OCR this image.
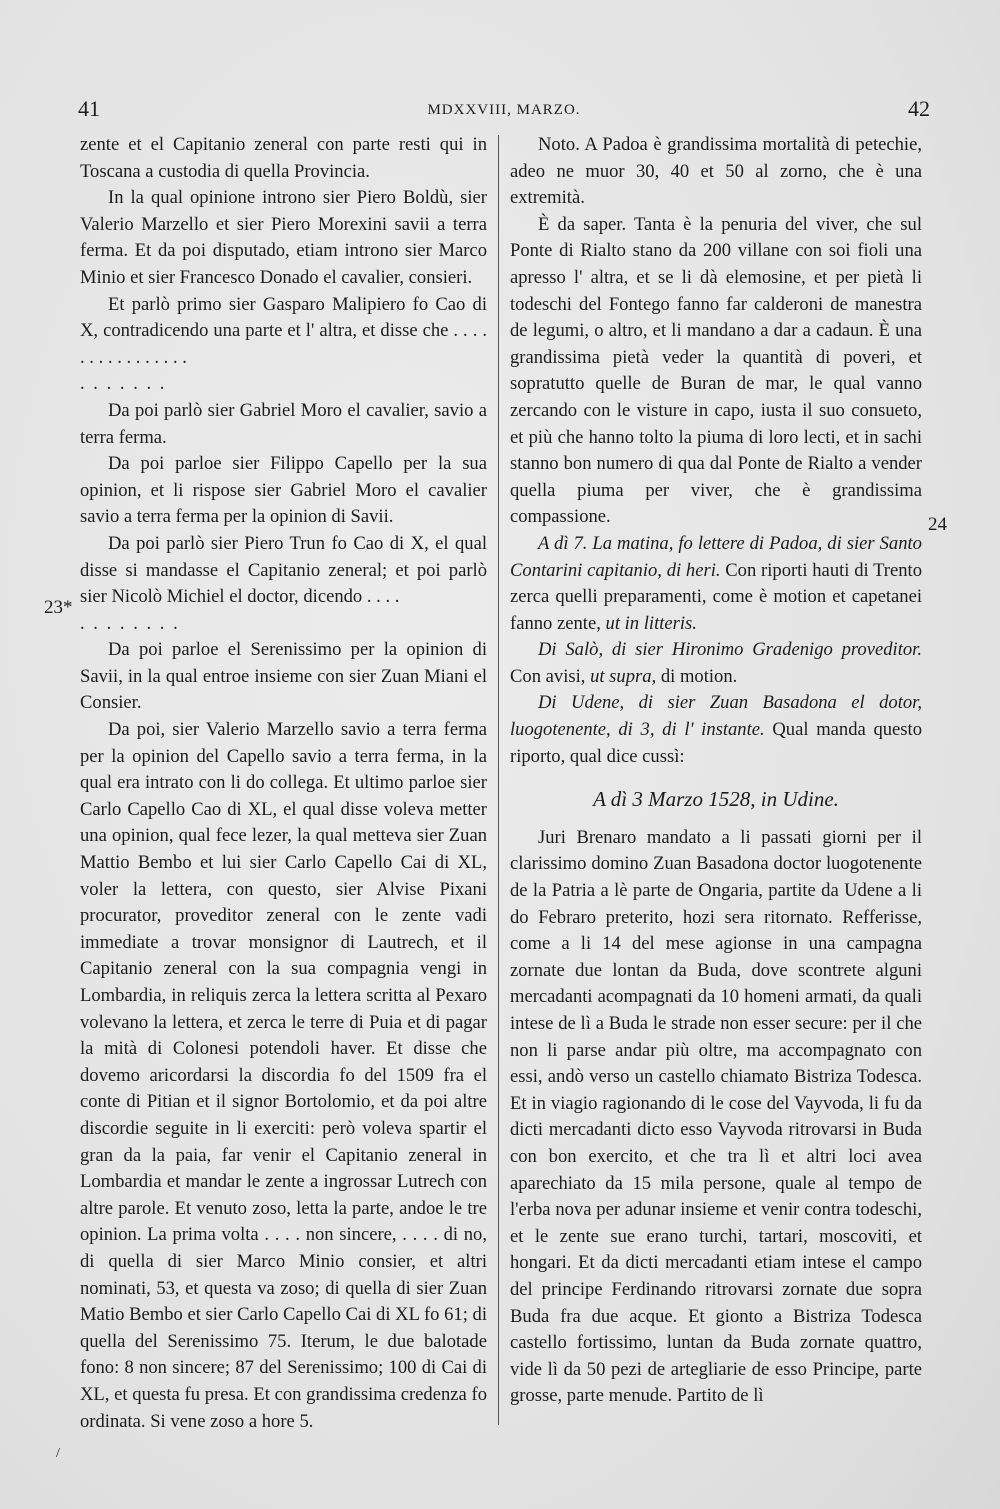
41	MDXXVIII, MARZO.	42
23*
24

zente et el Capitanio zeneral con parte resti qui in Toscana a custodia di quella Provincia.

In la qual opinione introno sier Piero Boldù, sier Valerio Marzello et sier Piero Morexini savii a terra ferma. Et da poi disputado, etiam introno sier Marco Minio et sier Francesco Donado el cavalier, consieri.

Et parlò primo sier Gasparo Malipiero fo Cao di X, contradicendo una parte et l' altra, et disse che . . . . . . . . . . . . . . . .

. . . . . . .

Da poi parlò sier Gabriel Moro el cavalier, savio a terra ferma.

Da poi parloe sier Filippo Capello per la sua opinion, et li rispose sier Gabriel Moro el cavalier savio a terra ferma per la opinion di Savii.

Da poi parlò sier Piero Trun fo Cao di X, el qual disse si mandasse el Capitanio zeneral; et poi parlò sier Nicolò Michiel el doctor, dicendo . . . .

. . . . . . . .

Da poi parloe el Serenissimo per la opinion di Savii, in la qual entroe insieme con sier Zuan Miani el Consier.

Da poi, sier Valerio Marzello savio a terra ferma per la opinion del Capello savio a terra ferma, in la qual era intrato con li do collega. Et ultimo parloe sier Carlo Capello Cao di XL, el qual disse voleva metter una opinion, qual fece lezer, la qual metteva sier Zuan Mattio Bembo et lui sier Carlo Capello Cai di XL, voler la lettera, con questo, sier Alvise Pixani procurator, proveditor zeneral con le zente vadi immediate a trovar monsignor di Lautrech, et il Capitanio zeneral con la sua compagnia vengi in Lombardia, in reliquis zerca la lettera scritta al Pexaro volevano la lettera, et zerca le terre di Puia et di pagar la mità di Colonesi potendoli haver. Et disse che dovemo aricordarsi la discordia fo del 1509 fra el conte di Pitian et il signor Bortolomio, et da poi altre discordie seguite in li exerciti: però voleva spartir el gran da la paia, far venir el Capitanio zeneral in Lombardia et mandar le zente a ingrossar Lutrech con altre parole. Et venuto zoso, letta la parte, andoe le tre opinion. La prima volta . . . . non sincere, . . . . di no, di quella di sier Marco Minio consier, et altri nominati, 53, et questa va zoso; di quella di sier Zuan Matio Bembo et sier Carlo Capello Cai di XL fo 61; di quella del Serenissimo 75. Iterum, le due balotade fono: 8 non sincere; 87 del Serenissimo; 100 di Cai di XL, et questa fu presa. Et con grandissima credenza fo ordinata. Si vene zoso a hore 5.

Noto. A Padoa è grandissima mortalità di petechie, adeo ne muor 30, 40 et 50 al zorno, che è una extremità.

È da saper. Tanta è la penuria del viver, che sul Ponte di Rialto stano da 200 villane con soi fioli una apresso l' altra, et se li dà elemosine, et per pietà li todeschi del Fontego fanno far calderoni de manestra de legumi, o altro, et li mandano a dar a cadaun. È una grandissima pietà veder la quantità di poveri, et sopratutto quelle de Buran de mar, le qual vanno zercando con le visture in capo, iusta il suo consueto, et più che hanno tolto la piuma di loro lecti, et in sachi stanno bon numero di qua dal Ponte de Rialto a vender quella piuma per viver, che è grandissima compassione.

A dì 7. La matina, fo lettere di Padoa, di sier Santo Contarini capitanio, di heri. Con riporti hauti di Trento zerca quelli preparamenti, come è motion et capetanei fanno zente, ut in litteris.

Di Salò, di sier Hironimo Gradenigo proveditor. Con avisi, ut supra, di motion.

Di Udene, di sier Zuan Basadona el dotor, luogotenente, di 3, di l' instante. Qual manda questo riporto, qual dice cussì:

A dì 3 Marzo 1528, in Udine.

Juri Brenaro mandato a li passati giorni per il clarissimo domino Zuan Basadona doctor luogotenente de la Patria a lè parte de Ongaria, partite da Udene a li do Febraro preterito, hozi sera ritornato. Refferisse, come a li 14 del mese agionse in una campagna zornate due lontan da Buda, dove scontrete alguni mercadanti acompagnati da 10 homeni armati, da quali intese de lì a Buda le strade non esser secure: per il che non li parse andar più oltre, ma accompagnato con essi, andò verso un castello chiamato Bistriza Todesca. Et in viagio ragionando di le cose del Vayvoda, li fu da dicti mercadanti dicto esso Vayvoda ritrovarsi in Buda con bon exercito, et che tra lì et altri loci avea aparechiato da 15 mila persone, quale al tempo de l'erba nova per adunar insieme et venir contra todeschi, et le zente sue erano turchi, tartari, moscoviti, et hongari. Et da dicti mercadanti etiam intese el campo del principe Ferdinando ritrovarsi zornate due sopra Buda fra due acque. Et gionto a Bistriza Todesca castello fortissimo, luntan da Buda zornate quattro, vide lì da 50 pezi de artegliarie de esso Principe, parte grosse, parte menude. Partito de lì

/
